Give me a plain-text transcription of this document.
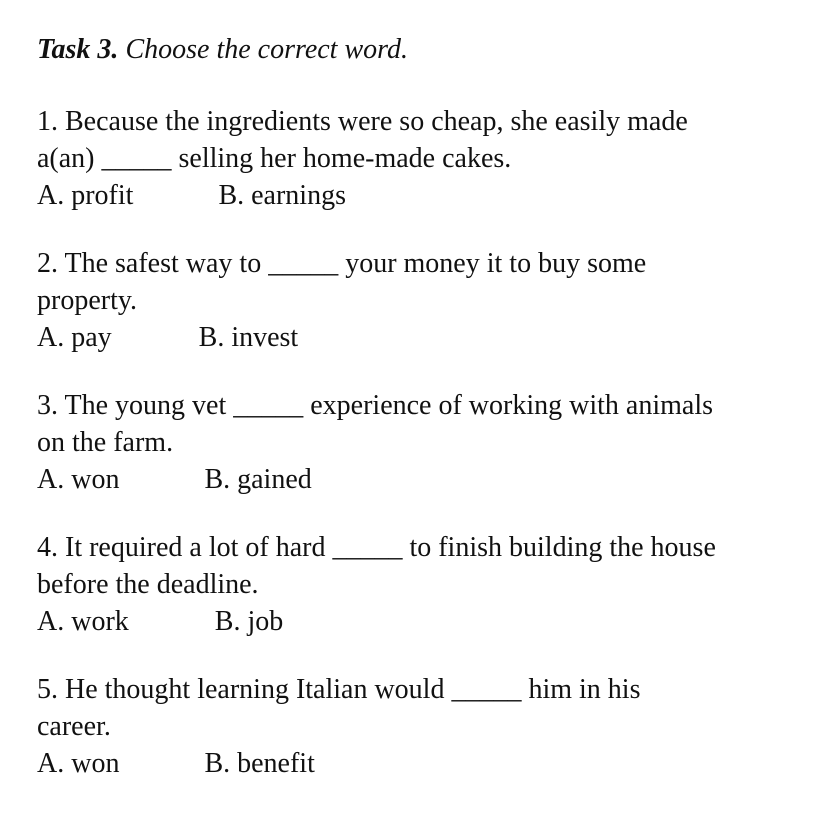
Task 3. Choose the correct word.

1. Because the ingredients were so cheap, she easily made

a(an) _____ selling her home-made cakes.

A. profit	B. earnings

2. The safest way to _____ your money it to buy some

property.

A. pay	B. invest

3. The young vet _____ experience of working with animals

on the farm.

A. won	B. gained

4. It required a lot of hard _____ to finish building the house

before the deadline.

A. work	B. job

5. He thought learning Italian would _____ him in his

career.

A. won	B. benefit
